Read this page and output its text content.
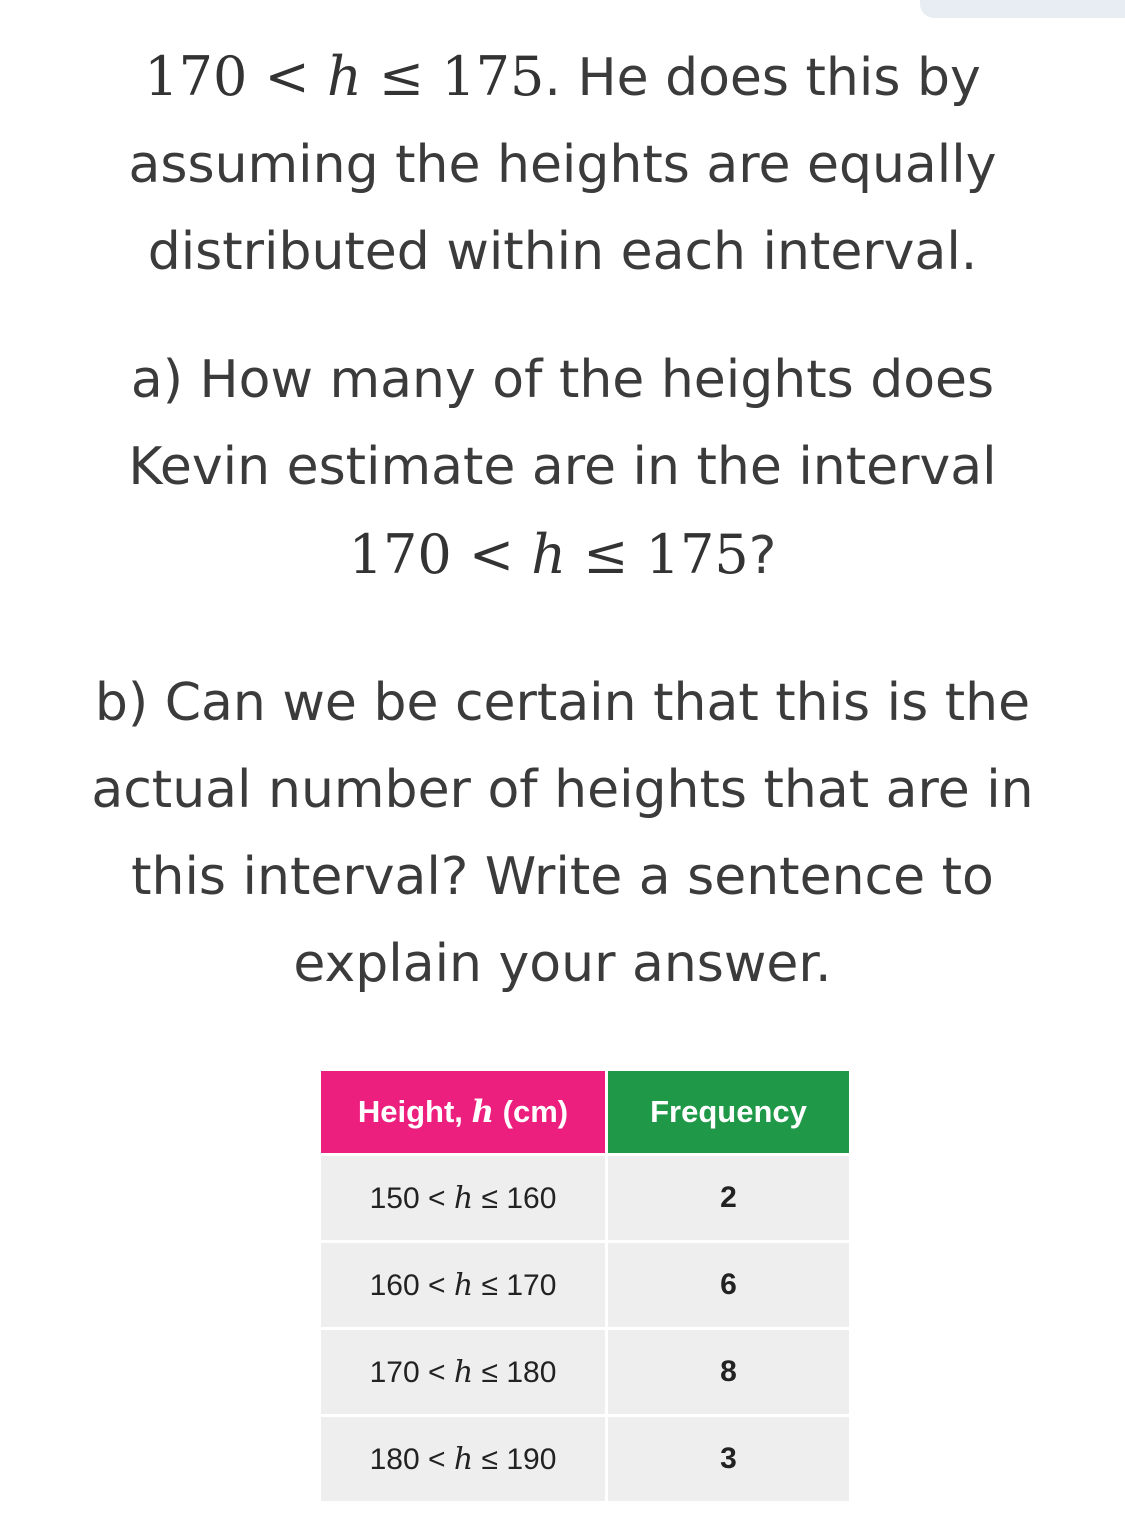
170 < h ≤ 175. He does this by
assuming the heights are equally
distributed within each interval.
a) How many of the heights does
Kevin estimate are in the interval
170 < h ≤ 175?
b) Can we be certain that this is the
actual number of heights that are in
this interval? Write a sentence to
explain your answer.
Height, h (cm)	Frequency
150 < h ≤ 160	2
160 < h ≤ 170	6
170 < h ≤ 180	8
180 < h ≤ 190	3
